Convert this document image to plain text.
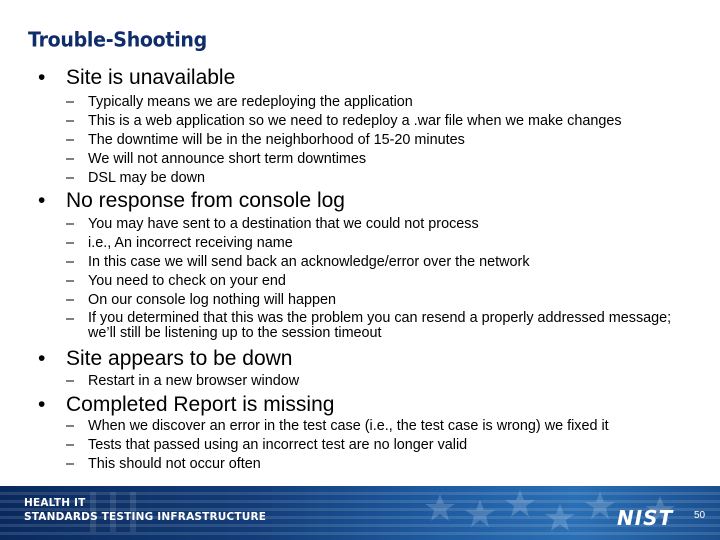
Trouble-Shooting
• Site is unavailable
– Typically means we are redeploying the application
– This is a web application so we need to redeploy a .war file when we make changes
– The downtime will be in the neighborhood of 15-20 minutes
– We will not announce short term downtimes
– DSL may be down
• No response from console log
– You may have sent to a destination that we could not process
– i.e., An incorrect receiving name
– In this case we will send back an acknowledge/error over the network
– You need to check on your end
– On our console log nothing will happen
– If you determined that this was the problem you can resend a properly addressed message; we’ll still be listening up to the session timeout
• Site appears to be down
– Restart in a new browser window
• Completed Report is missing
– When we discover an error in the test case (i.e., the test case is wrong) we fixed it
– Tests that passed using an incorrect test are no longer valid
– This should not occur often
HEALTH IT
STANDARDS TESTING INFRASTRUCTURE	NIST 50
